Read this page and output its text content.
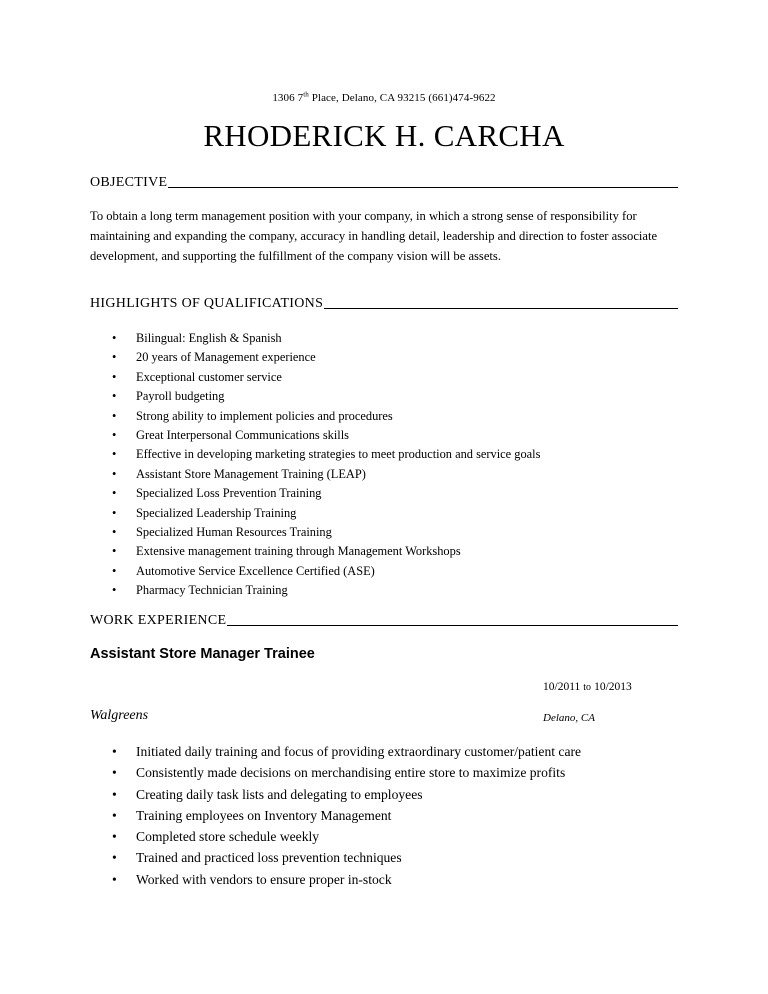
1306 7th Place, Delano, CA 93215 (661)474-9622
RHODERICK H. CARCHA
OBJECTIVE
To obtain a long term management position with your company, in which a strong sense of responsibility for maintaining and expanding the company, accuracy in handling detail, leadership and direction to foster associate development, and supporting the fulfillment of the company vision will be assets.
HIGHLIGHTS OF QUALIFICATIONS
• Bilingual: English & Spanish
• 20 years of Management experience
• Exceptional customer service
• Payroll budgeting
• Strong ability to implement policies and procedures
• Great Interpersonal Communications skills
• Effective in developing marketing strategies to meet production and service goals
• Assistant Store Management Training (LEAP)
• Specialized Loss Prevention Training
• Specialized Leadership Training
• Specialized Human Resources Training
• Extensive management training through Management Workshops
• Automotive Service Excellence Certified (ASE)
• Pharmacy Technician Training
WORK EXPERIENCE
Assistant Store Manager Trainee
10/2011 to 10/2013
Walgreens	Delano, CA
• Initiated daily training and focus of providing extraordinary customer/patient care
• Consistently made decisions on merchandising entire store to maximize profits
• Creating daily task lists and delegating to employees
• Training employees on Inventory Management
• Completed store schedule weekly
• Trained and practiced loss prevention techniques
• Worked with vendors to ensure proper in-stock
